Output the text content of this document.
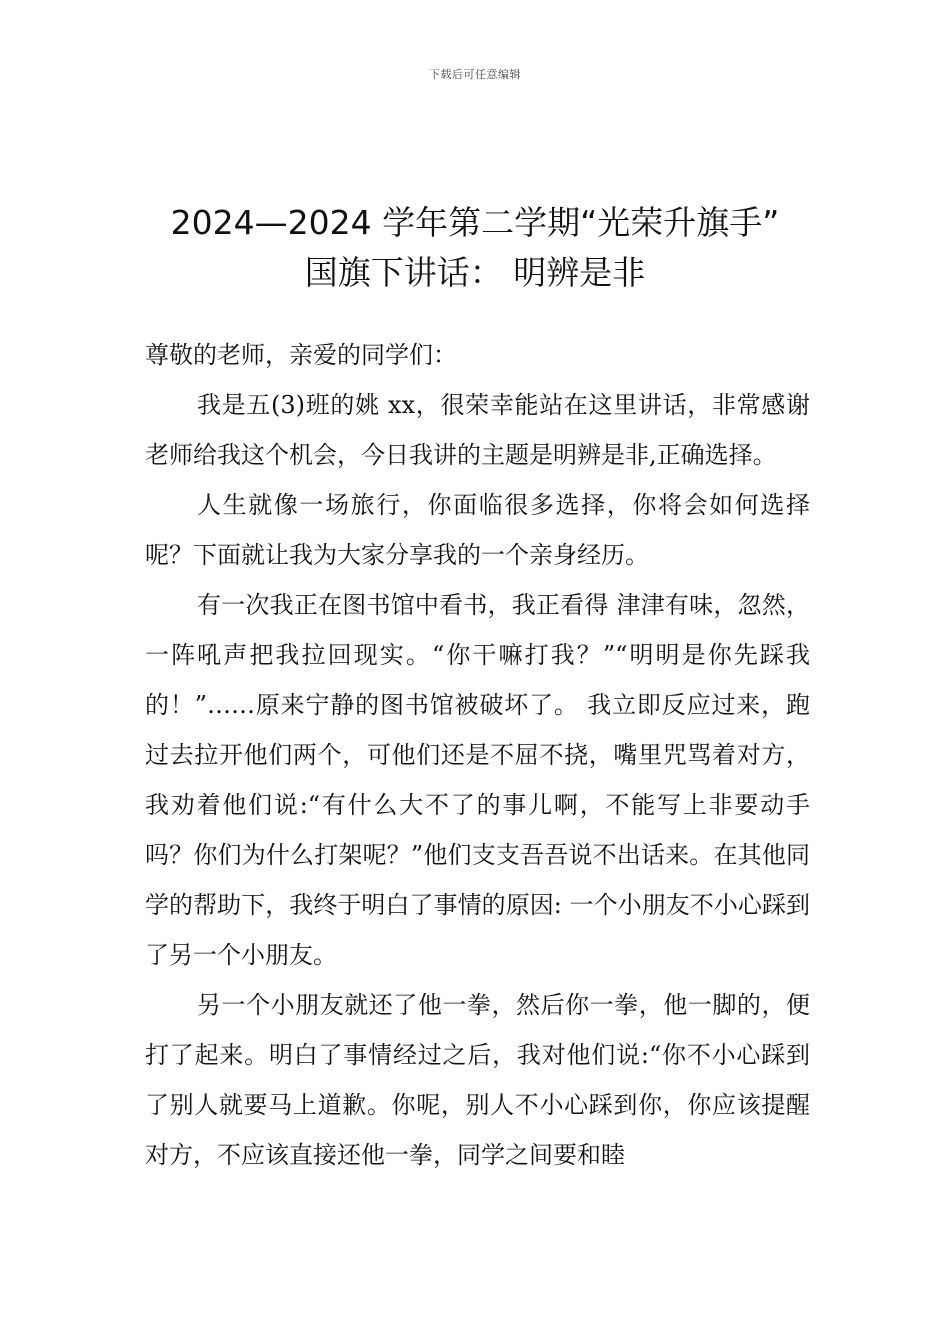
下载后可任意编辑
2024—2024 学年第二学期“光荣升旗手”
国旗下讲话： 明辨是非

尊敬的老师，亲爱的同学们：

我是五(3)班的姚 xx，很荣幸能站在这里讲话，非常感谢老师给我这个机会，今日我讲的主题是明辨是非,正确选择。

人生就像一场旅行，你面临很多选择，你将会如何选择呢？下面就让我为大家分享我的一个亲身经历。

有一次我正在图书馆中看书，我正看得 津津有味，忽然，一阵吼声把我拉回现实。“你干嘛打我？”“明明是你先踩我的！”……原来宁静的图书馆被破坏了。 我立即反应过来，跑过去拉开他们两个，可他们还是不屈不挠，嘴里咒骂着对方，我劝着他们说:“有什么大不了的事儿啊，不能写上非要动手吗？你们为什么打架呢？”他们支支吾吾说不出话来。在其他同学的帮助下，我终于明白了事情的原因: 一个小朋友不小心踩到了另一个小朋友。

另一个小朋友就还了他一拳，然后你一拳，他一脚的，便打了起来。明白了事情经过之后，我对他们说:“你不小心踩到了别人就要马上道歉。你呢，别人不小心踩到你，你应该提醒对方，不应该直接还他一拳，同学之间要和睦
